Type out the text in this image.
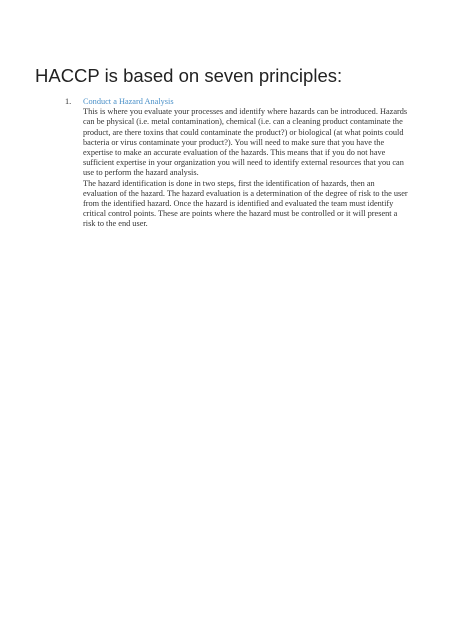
HACCP is based on seven principles:
1. Conduct a Hazard Analysis

This is where you evaluate your processes and identify where hazards can be introduced. Hazards
can be physical (i.e. metal contamination), chemical (i.e. can a cleaning product contaminate the
product, are there toxins that could contaminate the product?) or biological (at what points could
bacteria or virus contaminate your product?). You will need to make sure that you have the
expertise to make an accurate evaluation of the hazards. This means that if you do not have
sufficient expertise in your organization you will need to identify external resources that you can
use to perform the hazard analysis.

The hazard identification is done in two steps, first the identification of hazards, then an
evaluation of the hazard. The hazard evaluation is a determination of the degree of risk to the user
from the identified hazard. Once the hazard is identified and evaluated the team must identify
critical control points. These are points where the hazard must be controlled or it will present a
risk to the end user.
